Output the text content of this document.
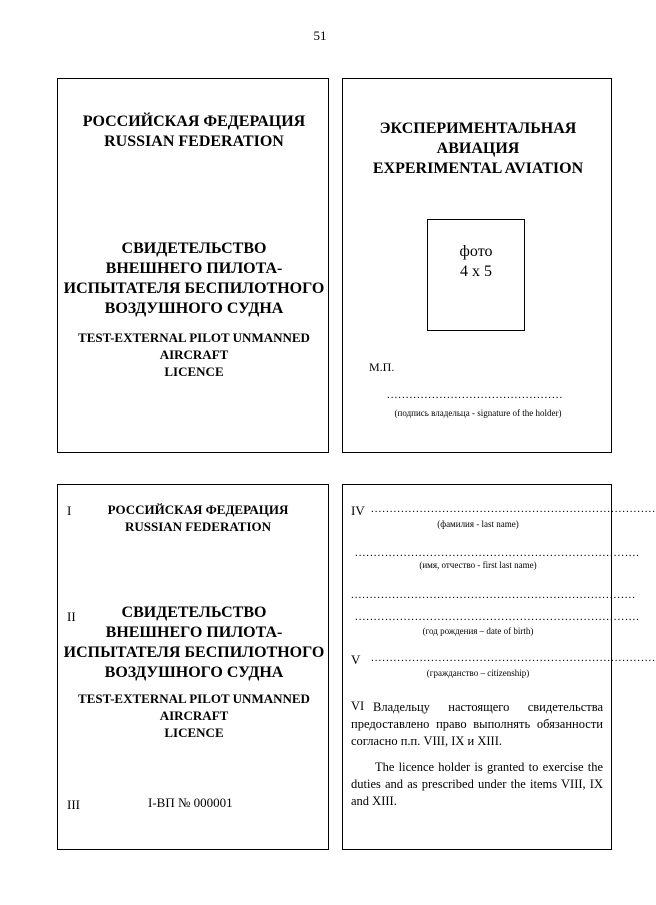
51
РОССИЙСКАЯ ФЕДЕРАЦИЯ
RUSSIAN FEDERATION
СВИДЕТЕЛЬСТВО
ВНЕШНЕГО ПИЛОТА-
ИСПЫТАТЕЛЯ БЕСПИЛОТНОГО
ВОЗДУШНОГО СУДНА
TEST-EXTERNAL PILOT UNMANNED
AIRCRAFT
LICENCE
ЭКСПЕРИМЕНТАЛЬНАЯ
АВИАЦИЯ
EXPERIMENTAL AVIATION
фото
4 x 5
М.П.
...............................................
(подпись владельца - signature of the holder)
I	РОССИЙСКАЯ ФЕДЕРАЦИЯ
RUSSIAN FEDERATION
II	СВИДЕТЕЛЬСТВО
ВНЕШНЕГО ПИЛОТА-
ИСПЫТАТЕЛЯ БЕСПИЛОТНОГО
ВОЗДУШНОГО СУДНА
TEST-EXTERNAL PILOT UNMANNED
AIRCRAFT
LICENCE
III	I-ВП № 000001
IV ............................................................................
(фамилия - last name)
............................................................................
(имя, отчество - first last name)
............................................................................
............................................................................
(год рождения – date of birth)
V ............................................................................
(гражданство – citizenship)
VI Владельцу настоящего свидетельства предоставлено право выполнять обязанности согласно п.п. VIII, IX и XIII.
The licence holder is granted to exercise the duties and as prescribed under the items VIII, IX and XIII.
